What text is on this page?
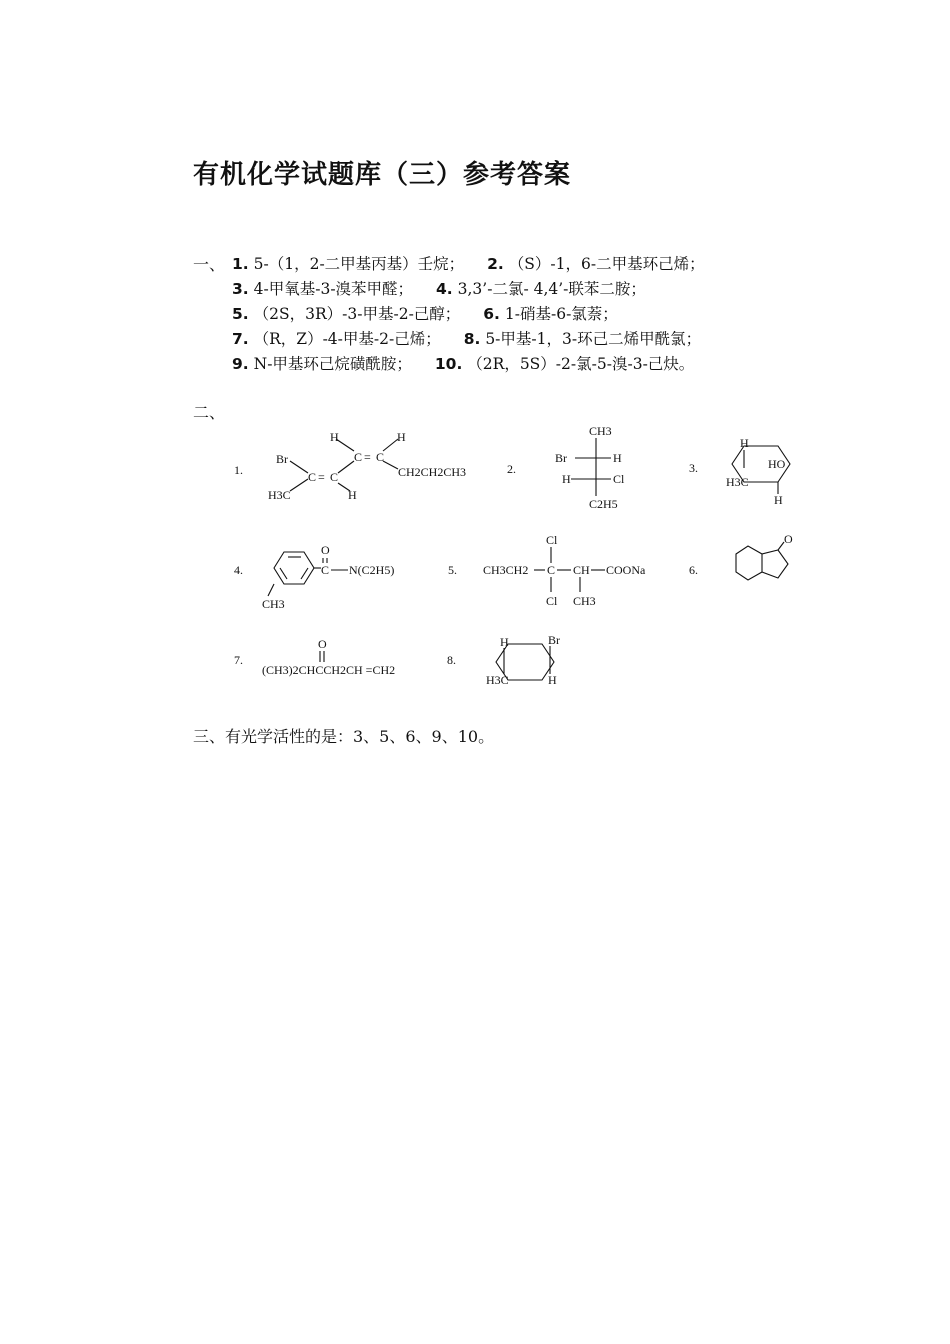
有机化学试题库（三）参考答案
一、 1. 5-（1，2-二甲基丙基）壬烷； 2. （S）-1，6-二甲基环己烯；
3. 4-甲氧基-3-溴苯甲醛； 4. 3,3’-二氯- 4,4’-联苯二胺；
5. （2S，3R）-3-甲基-2-己醇； 6. 1-硝基-6-氯萘；
7. （R，Z）-4-甲基-2-己烯； 8. 5-甲基-1，3-环己二烯甲酰氯；
9. N-甲基环己烷磺酰胺； 10. （2R，5S）-2-氯-5-溴-3-己炔。
二、
1.
H	H
Br	C = C
C = C	CH2CH2CH3
H3C	H
2.
CH3
Br	H
H	Cl
C2H5
3.
H
HO
H3C
H
4.	C
O
N(C2H5)
CH3
5.
Cl
CH3CH2 C CH COONa
Cl CH3
6.
O
7.
O
(CH3)2CHCCH2CH =CH2
8.
H	Br
H3C	H
三、有光学活性的是：3、5、6、9、10。
